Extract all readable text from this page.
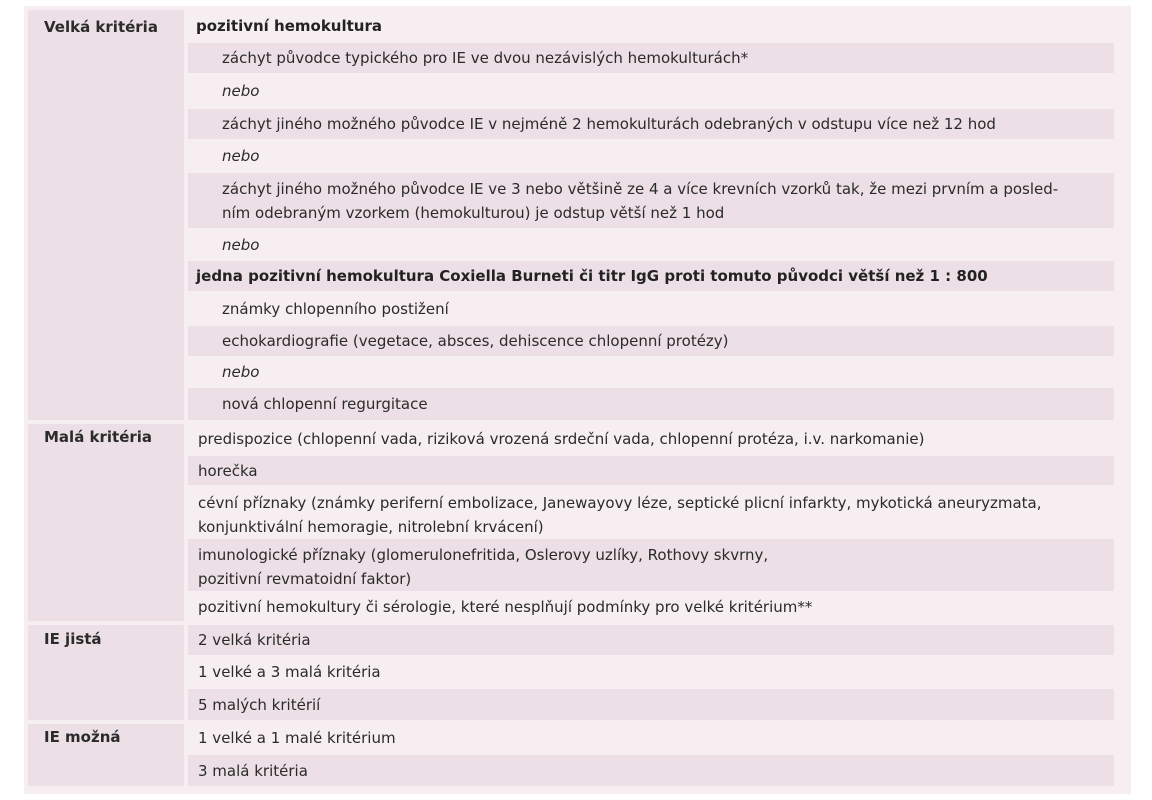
Velká kritéria
Malá kritéria
IE jistá
IE možná
pozitivní hemokultura
záchyt původce typického pro IE ve dvou nezávislých hemokulturách*
nebo
záchyt jiného možného původce IE v nejméně 2 hemokulturách odebraných v odstupu více než 12 hod
nebo
záchyt jiného možného původce IE ve 3 nebo většině ze 4 a více krevních vzorků tak, že mezi prvním a posled-
ním odebraným vzorkem (hemokulturou) je odstup větší než 1 hod
nebo
jedna pozitivní hemokultura Coxiella Burneti či titr IgG proti tomuto původci větší než 1 : 800
známky chlopenního postižení
echokardiografie (vegetace, absces, dehiscence chlopenní protézy)
nebo
nová chlopenní regurgitace
predispozice (chlopenní vada, riziková vrozená srdeční vada, chlopenní protéza, i.v. narkomanie)
horečka
cévní příznaky (známky periferní embolizace, Janewayovy léze, septické plicní infarkty, mykotická aneuryzmata,
konjunktivální hemoragie, nitrolební krvácení)
imunologické příznaky (glomerulonefritida, Oslerovy uzlíky, Rothovy skvrny,
pozitivní revmatoidní faktor)
pozitivní hemokultury či sérologie, které nesplňují podmínky pro velké kritérium**
2 velká kritéria
1 velké a 3 malá kritéria
5 malých kritérií
1 velké a 1 malé kritérium
3 malá kritéria
